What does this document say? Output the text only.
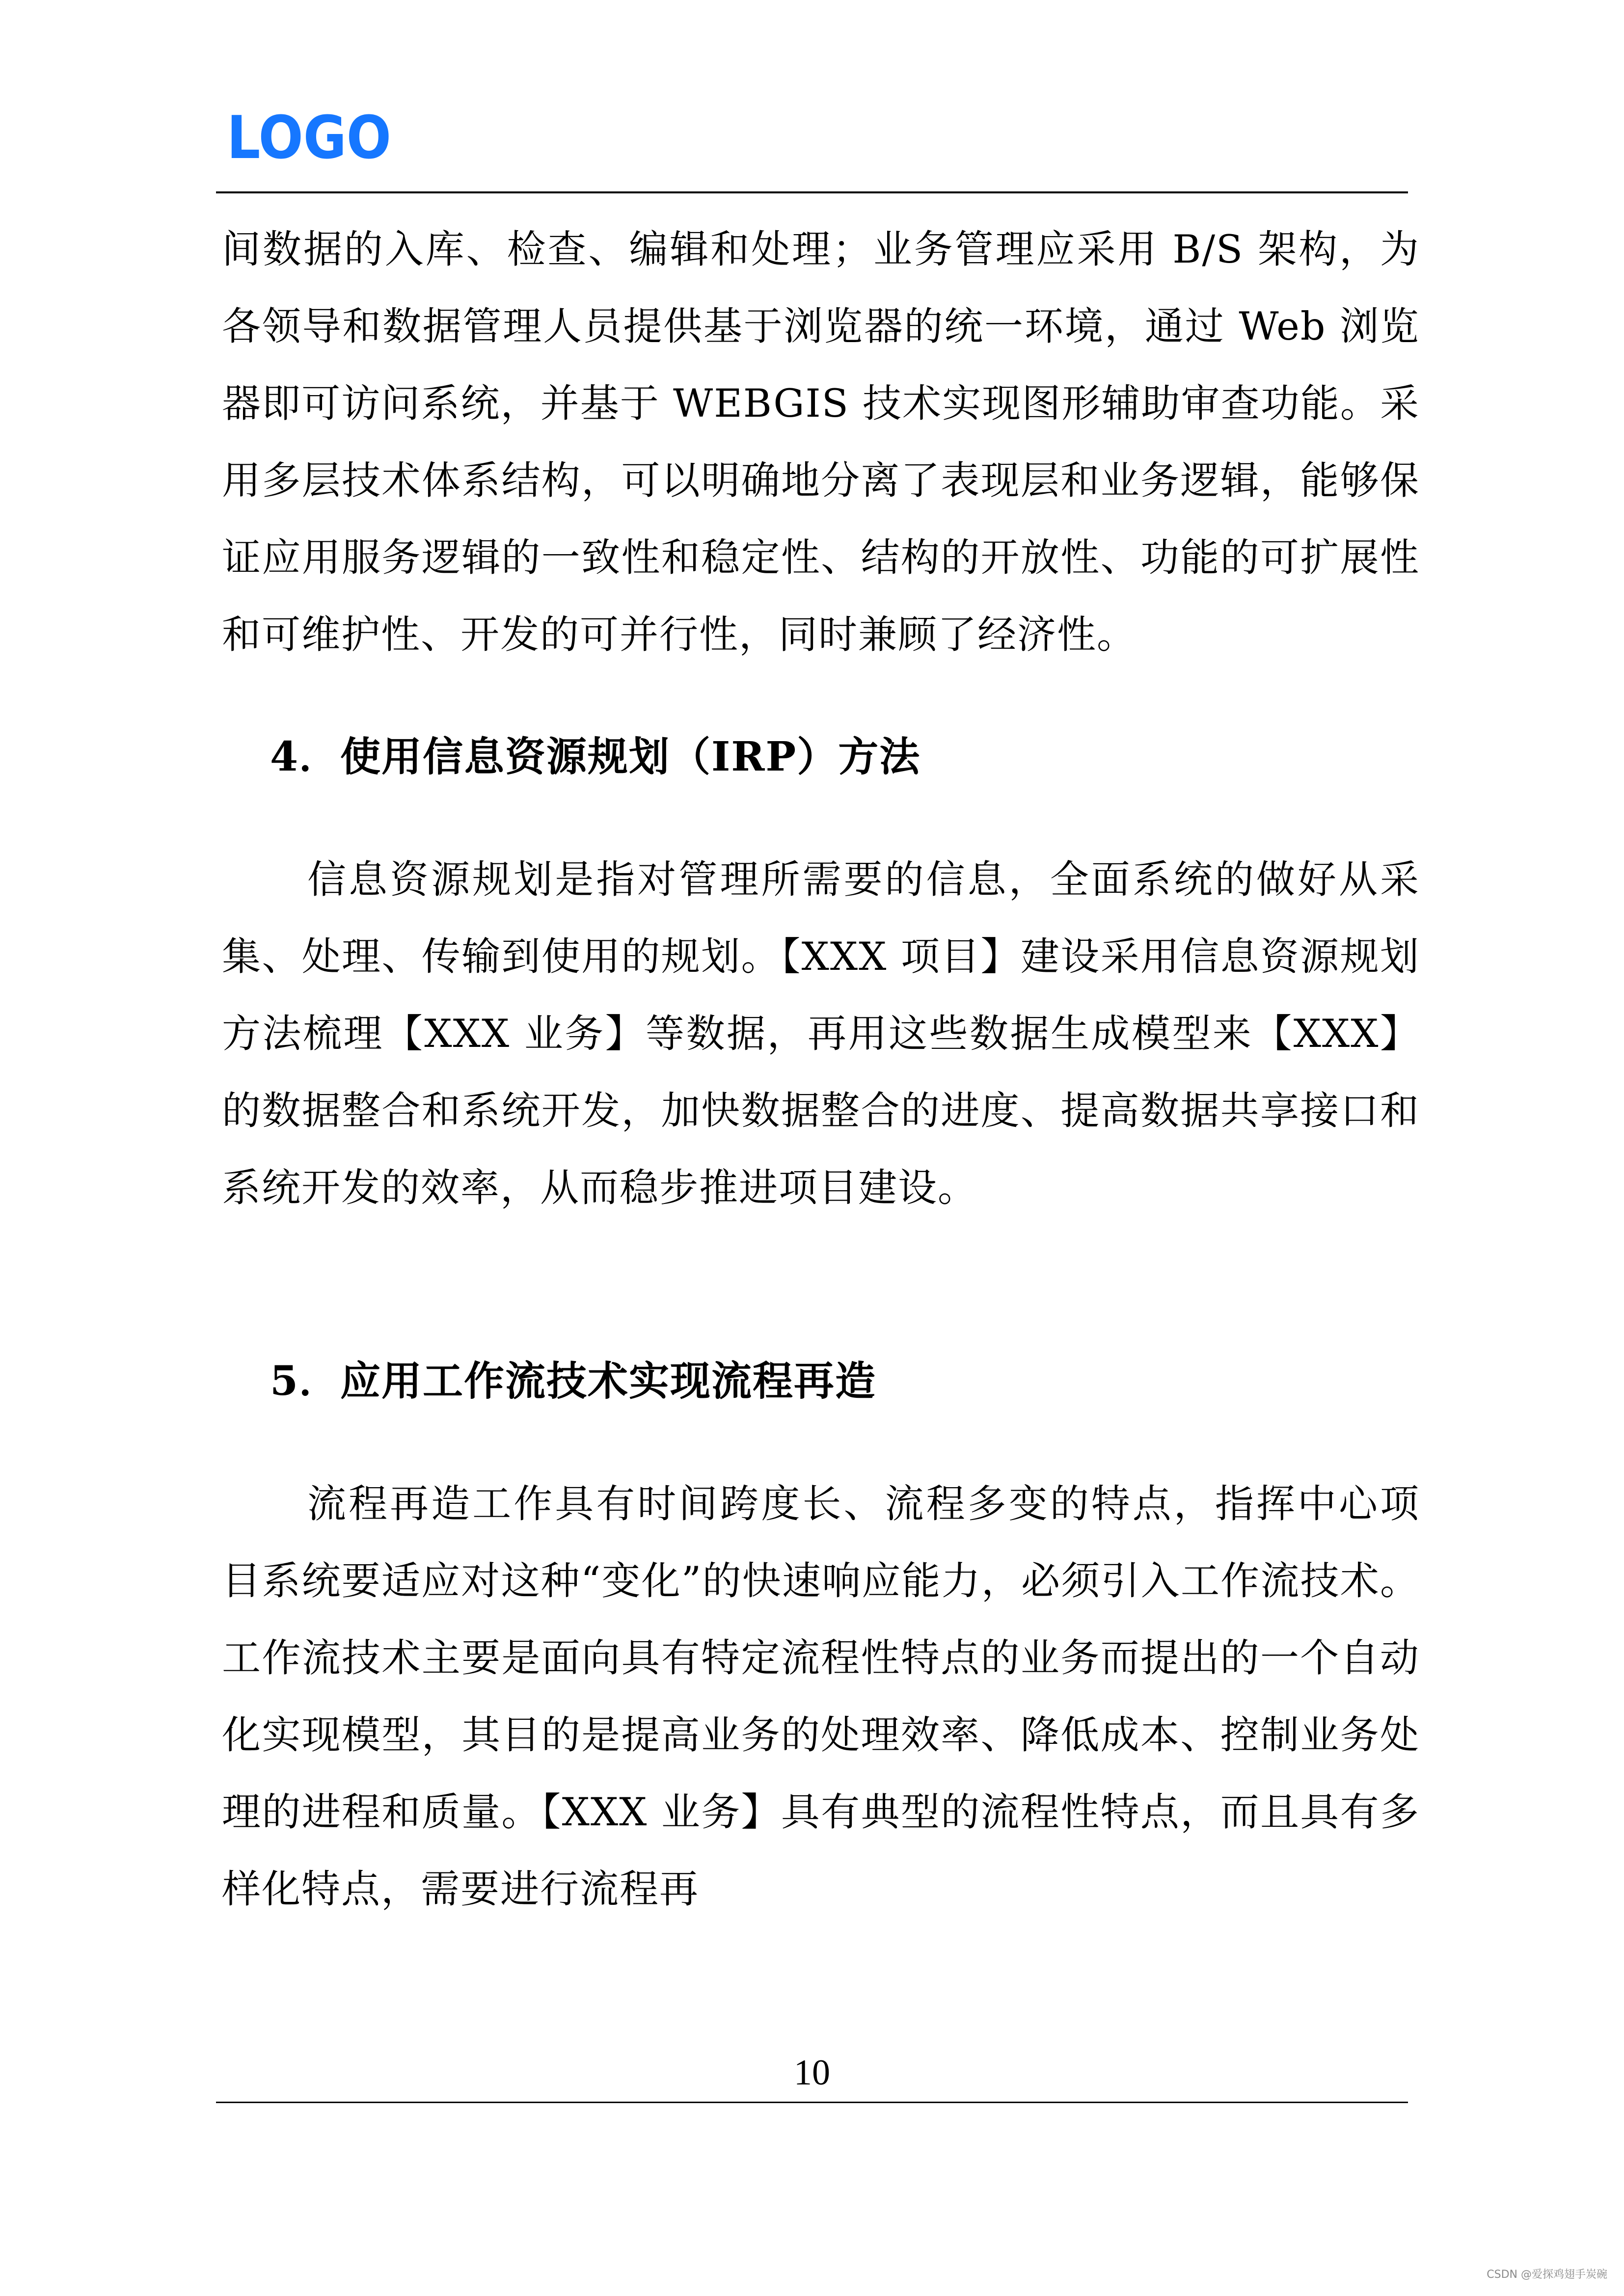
LOGO

间数据的入库、检查、编辑和处理；业务管理应采用 B/S 架构，为各领导和数据管理人员提供基于浏览器的统一环境，通过 Web 浏览器即可访问系统，并基于 WEBGIS 技术实现图形辅助审查功能。采用多层技术体系结构，可以明确地分离了表现层和业务逻辑，能够保证应用服务逻辑的一致性和稳定性、结构的开放性、功能的可扩展性和可维护性、开发的可并行性，同时兼顾了经济性。

4．使用信息资源规划（IRP）方法

信息资源规划是指对管理所需要的信息，全面系统的做好从采集、处理、传输到使用的规划。【XXX 项目】建设采用信息资源规划方法梳理【XXX 业务】等数据，再用这些数据生成模型来【XXX】的数据整合和系统开发，加快数据整合的进度、提高数据共享接口和系统开发的效率，从而稳步推进项目建设。

5．应用工作流技术实现流程再造

流程再造工作具有时间跨度长、流程多变的特点，指挥中心项目系统要适应对这种“变化”的快速响应能力，必须引入工作流技术。工作流技术主要是面向具有特定流程性特点的业务而提出的一个自动化实现模型，其目的是提高业务的处理效率、降低成本、控制业务处理的进程和质量。【XXX 业务】具有典型的流程性特点，而且具有多样化特点，需要进行流程再

10
CSDN @爱探鸡翅手炭碗
